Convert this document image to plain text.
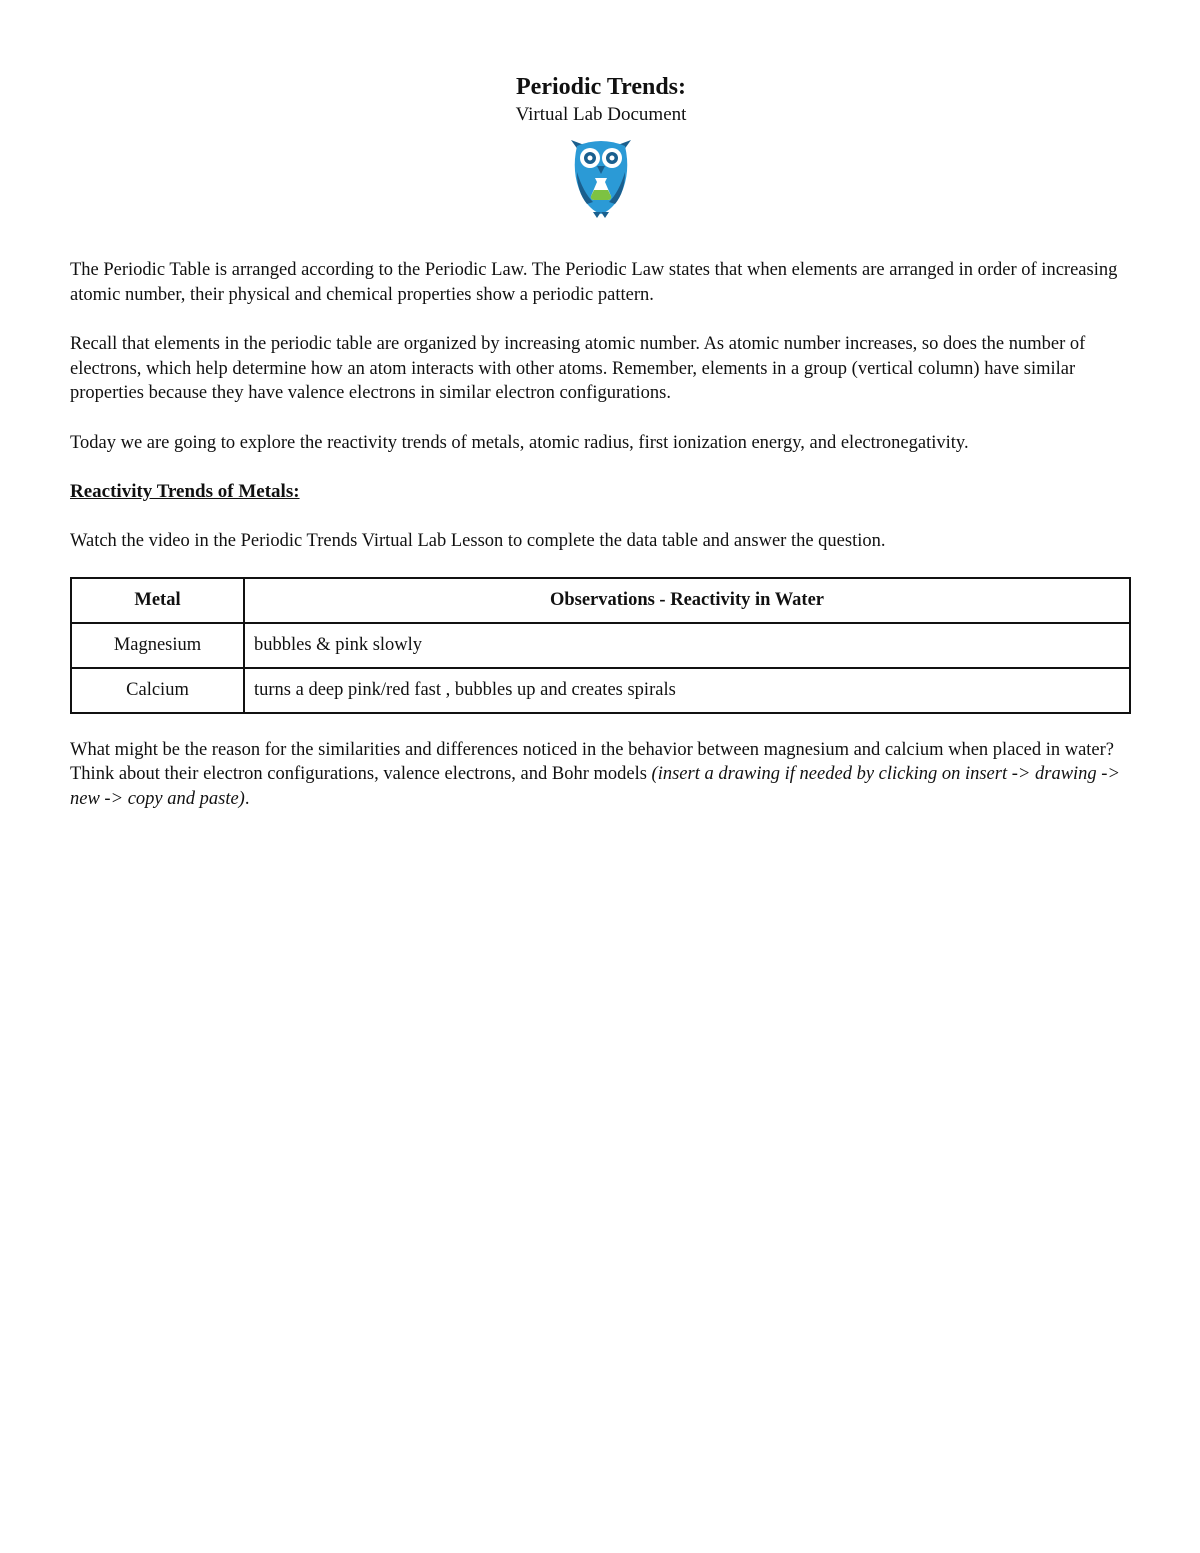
Periodic Trends:

Virtual Lab Document

The Periodic Table is arranged according to the Periodic Law. The Periodic Law states that when elements are arranged in order of increasing atomic number, their physical and chemical properties show a periodic pattern.

Recall that elements in the periodic table are organized by increasing atomic number. As atomic number increases, so does the number of electrons, which help determine how an atom interacts with other atoms. Remember, elements in a group (vertical column) have similar properties because they have valence electrons in similar electron configurations.

Today we are going to explore the reactivity trends of metals, atomic radius, first ionization energy, and electronegativity.

Reactivity Trends of Metals:

Watch the video in the Periodic Trends Virtual Lab Lesson to complete the data table and answer the question.

Metal	Observations - Reactivity in Water
Magnesium	bubbles & pink slowly
Calcium	turns a deep pink/red fast , bubbles up and creates spirals

What might be the reason for the similarities and differences noticed in the behavior between magnesium and calcium when placed in water? Think about their electron configurations, valence electrons, and Bohr models (insert a drawing if needed by clicking on insert -> drawing -> new -> copy and paste).
